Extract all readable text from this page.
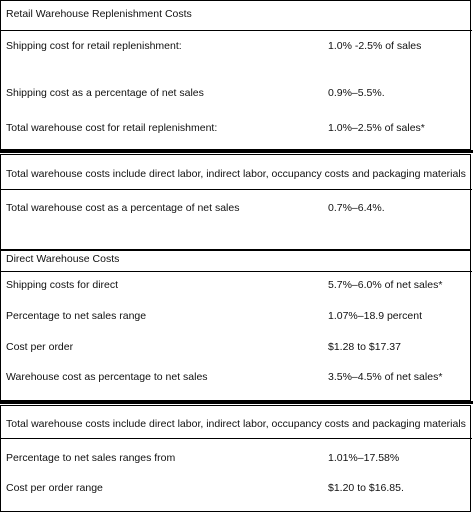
Retail Warehouse Replenishment Costs
Shipping cost for retail replenishment:	1.0% -2.5% of sales
Shipping cost as a percentage of net sales	0.9%–5.5%.
Total warehouse cost for retail replenishment:	1.0%–2.5% of sales*
Total warehouse costs include direct labor, indirect labor, occupancy costs and packaging materials
Total warehouse cost as a percentage of net sales	0.7%–6.4%.
Direct Warehouse Costs
Shipping costs for direct	5.7%–6.0% of net sales*
Percentage to net sales range	1.07%–18.9 percent
Cost per order	$1.28 to $17.37
Warehouse cost as percentage to net sales	3.5%–4.5% of net sales*
Total warehouse costs include direct labor, indirect labor, occupancy costs and packaging materials
Percentage to net sales ranges from	1.01%–17.58%
Cost per order range	$1.20 to $16.85.
